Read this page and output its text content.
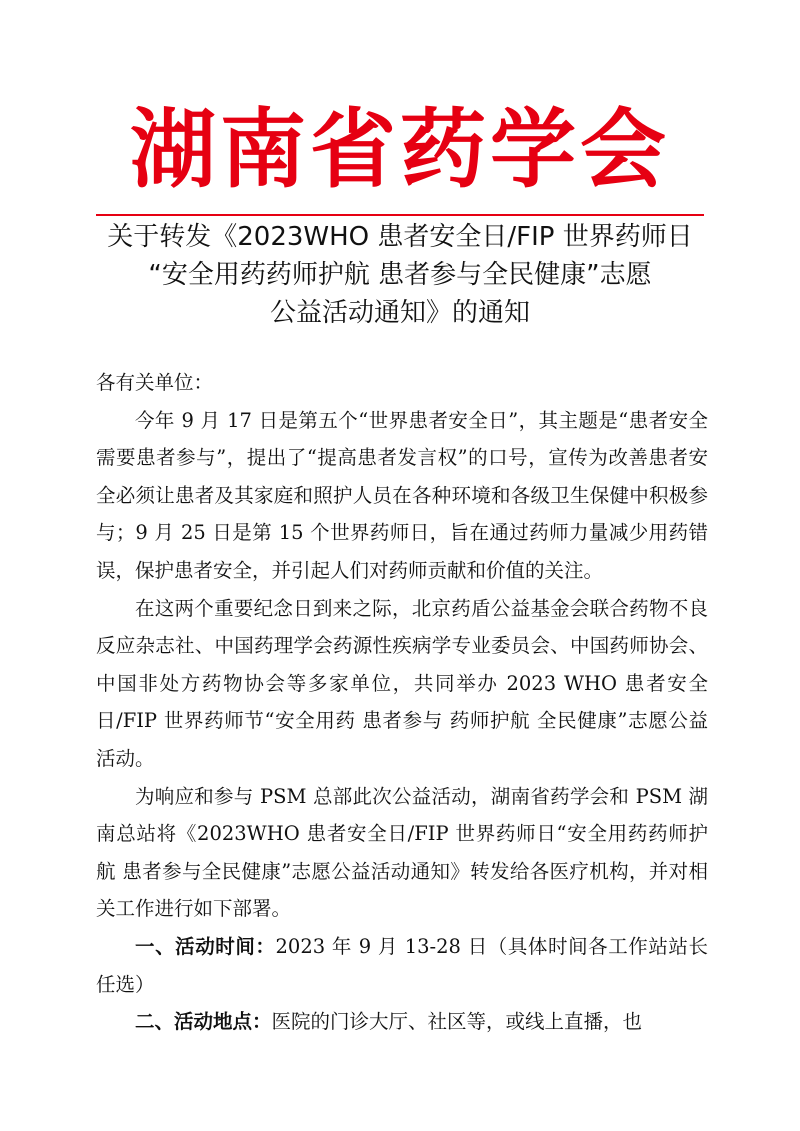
湖南省药学会
关于转发《2023WHO 患者安全日/FIP 世界药师日
“安全用药药师护航 患者参与全民健康”志愿
公益活动通知》的通知
各有关单位：

今年 9 月 17 日是第五个“世界患者安全日”，其主题是“患者安全需要患者参与”，提出了“提高患者发言权”的口号，宣传为改善患者安全必须让患者及其家庭和照护人员在各种环境和各级卫生保健中积极参与；9 月 25 日是第 15 个世界药师日，旨在通过药师力量减少用药错误，保护患者安全，并引起人们对药师贡献和价值的关注。

在这两个重要纪念日到来之际，北京药盾公益基金会联合药物不良反应杂志社、中国药理学会药源性疾病学专业委员会、中国药师协会、中国非处方药物协会等多家单位，共同举办 2023 WHO 患者安全日/FIP 世界药师节“安全用药 患者参与 药师护航 全民健康”志愿公益活动。

为响应和参与 PSM 总部此次公益活动，湖南省药学会和 PSM 湖南总站将《2023WHO 患者安全日/FIP 世界药师日“安全用药药师护航 患者参与全民健康”志愿公益活动通知》转发给各医疗机构，并对相关工作进行如下部署。

一、活动时间：2023 年 9 月 13-28 日（具体时间各工作站站长任选）

二、活动地点：医院的门诊大厅、社区等，或线上直播，也
